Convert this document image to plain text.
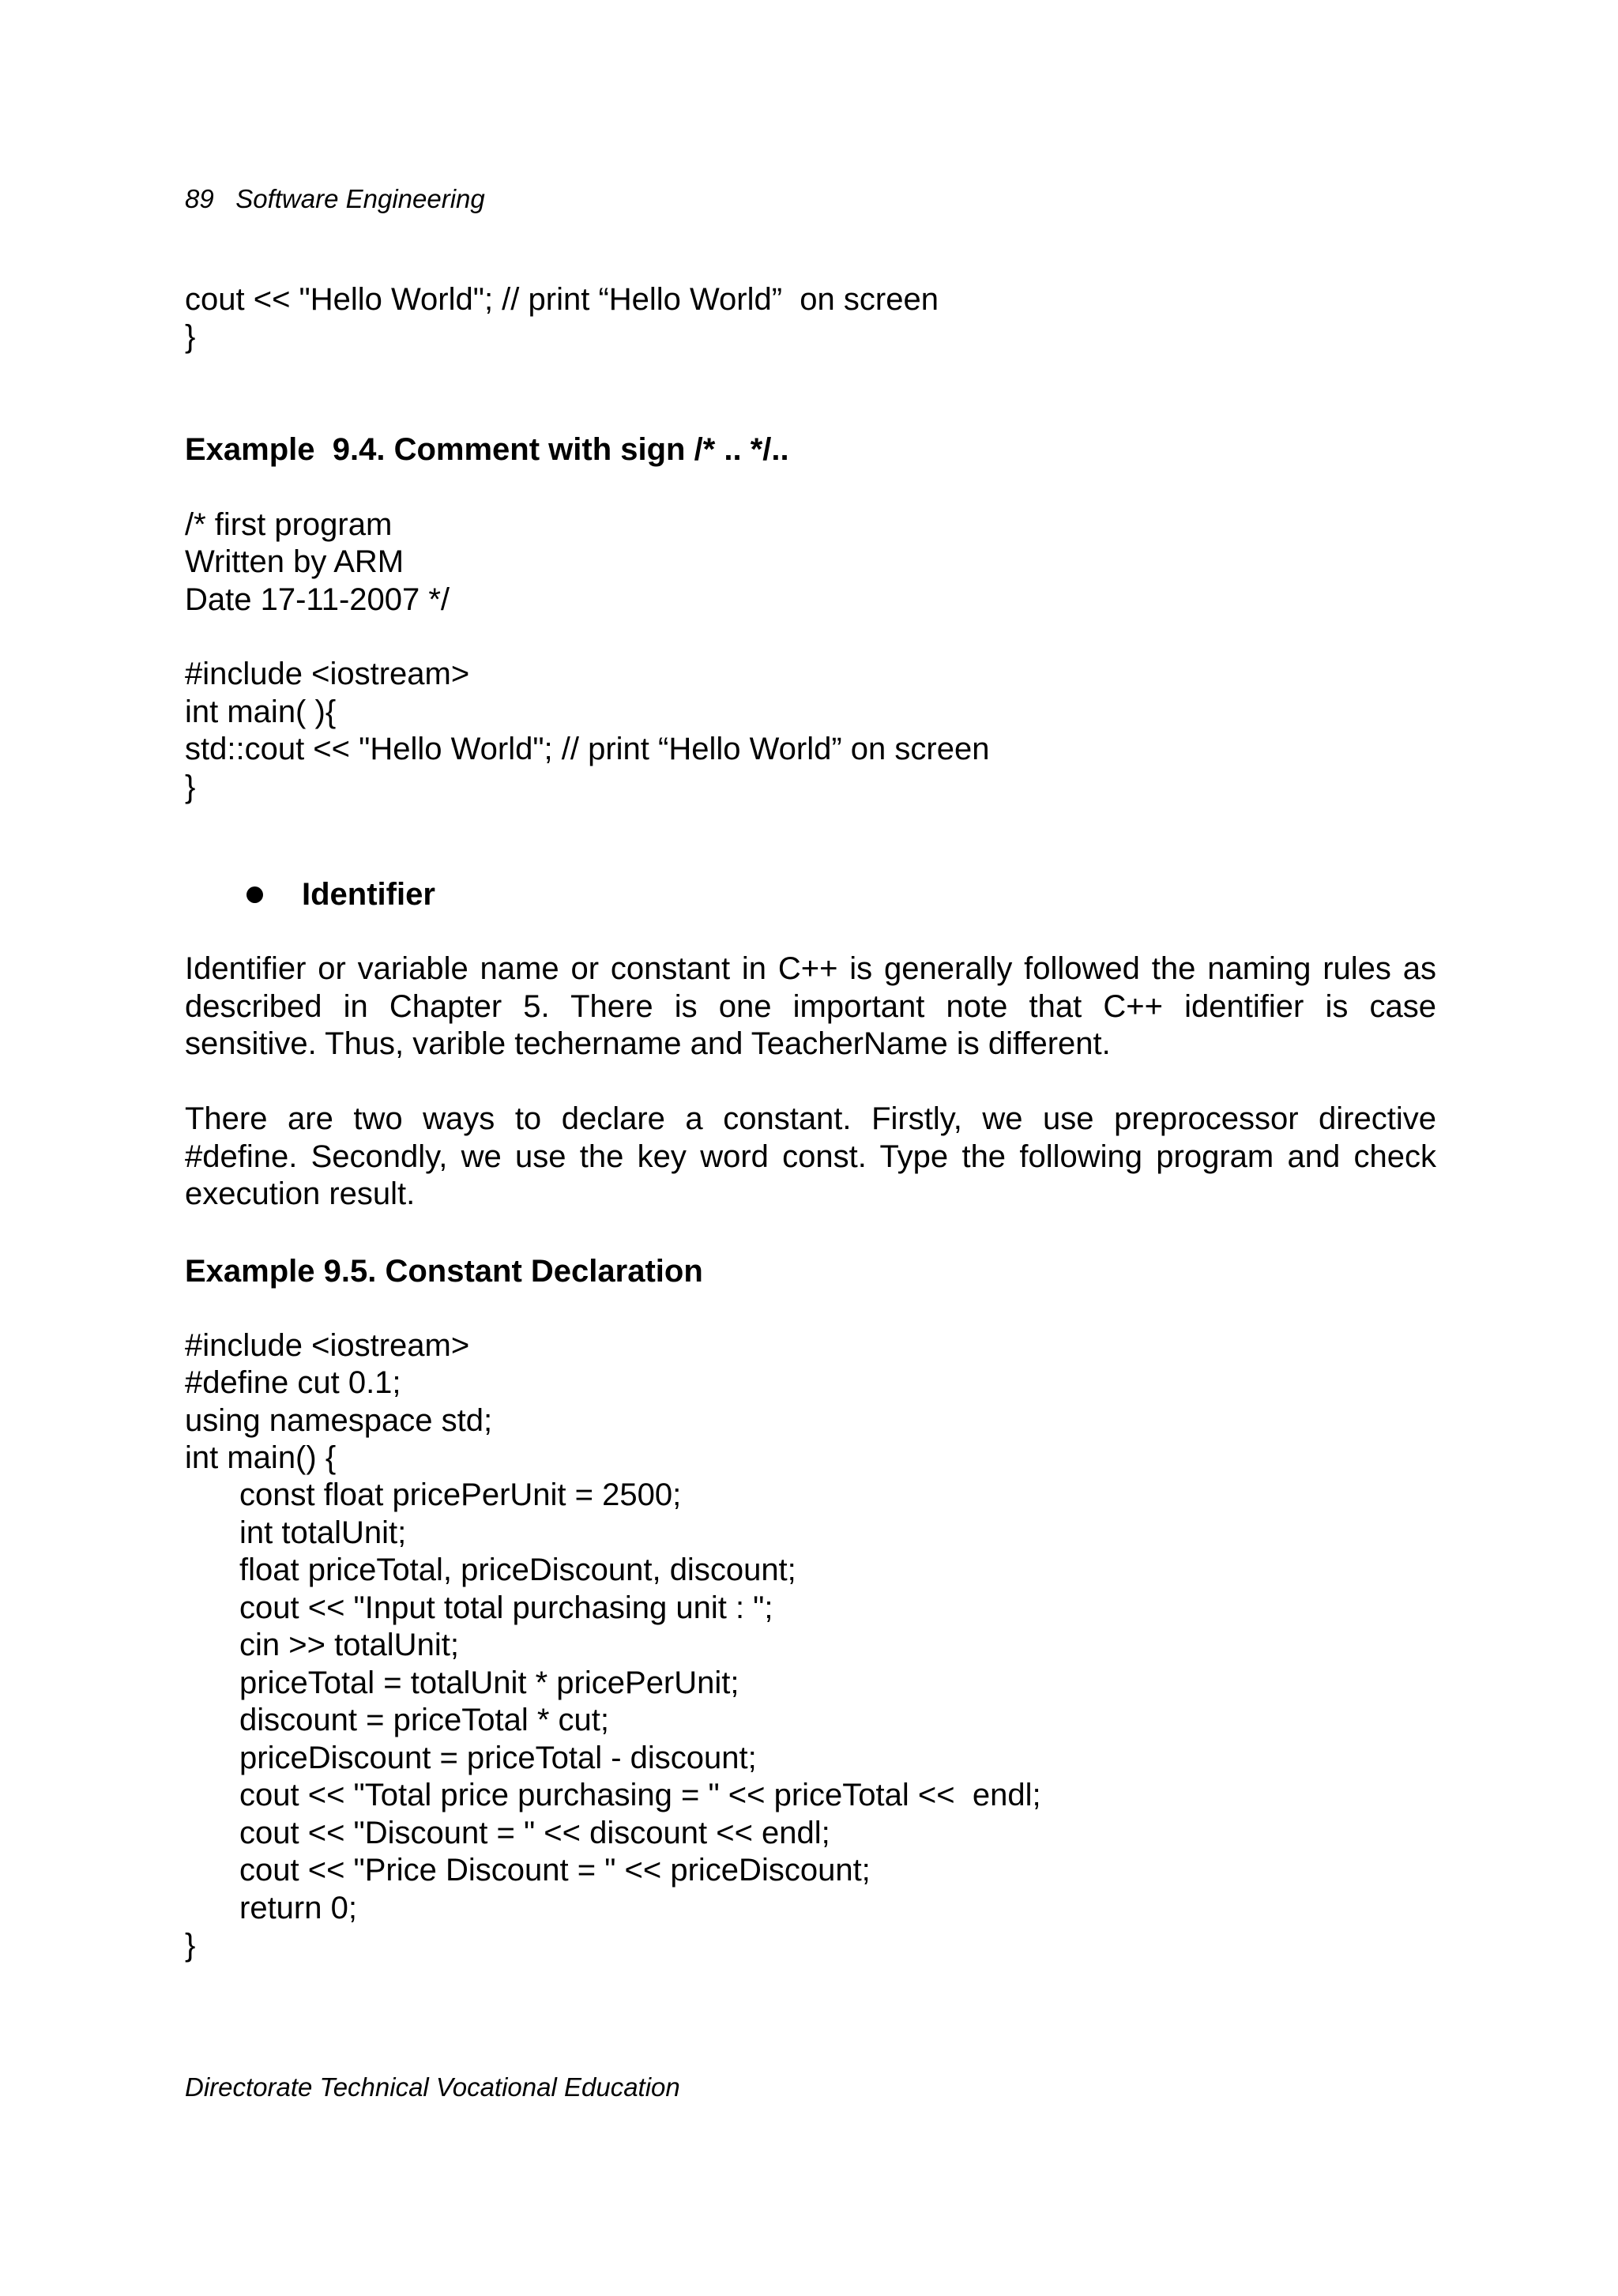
89 Software Engineering
cout << "Hello World"; // print “Hello World”  on screen
}
Example  9.4. Comment with sign /* .. */..
/* first program
Written by ARM
Date 17-11-2007 */
#include <iostream>
int main( ){
std::cout << "Hello World"; // print “Hello World” on screen
}
Identifier
Identifier or variable name or constant in C++ is generally followed the naming rules as
described in Chapter 5. There is one important note that C++ identifier is case
sensitive. Thus, varible techername and TeacherName is different.
There are two ways to declare a constant. Firstly, we use preprocessor directive
#define. Secondly, we use the key word const. Type the following program and check
execution result.
Example 9.5. Constant Declaration
#include <iostream>
#define cut 0.1;
using namespace std;
int main() {
const float pricePerUnit = 2500;
int totalUnit;
float priceTotal, priceDiscount, discount;
cout << "Input total purchasing unit : ";
cin >> totalUnit;
priceTotal = totalUnit * pricePerUnit;
discount = priceTotal * cut;
priceDiscount = priceTotal - discount;
cout << "Total price purchasing = " << priceTotal <<  endl;
cout << "Discount = " << discount << endl;
cout << "Price Discount = " << priceDiscount;
return 0;
}
Directorate Technical Vocational Education
